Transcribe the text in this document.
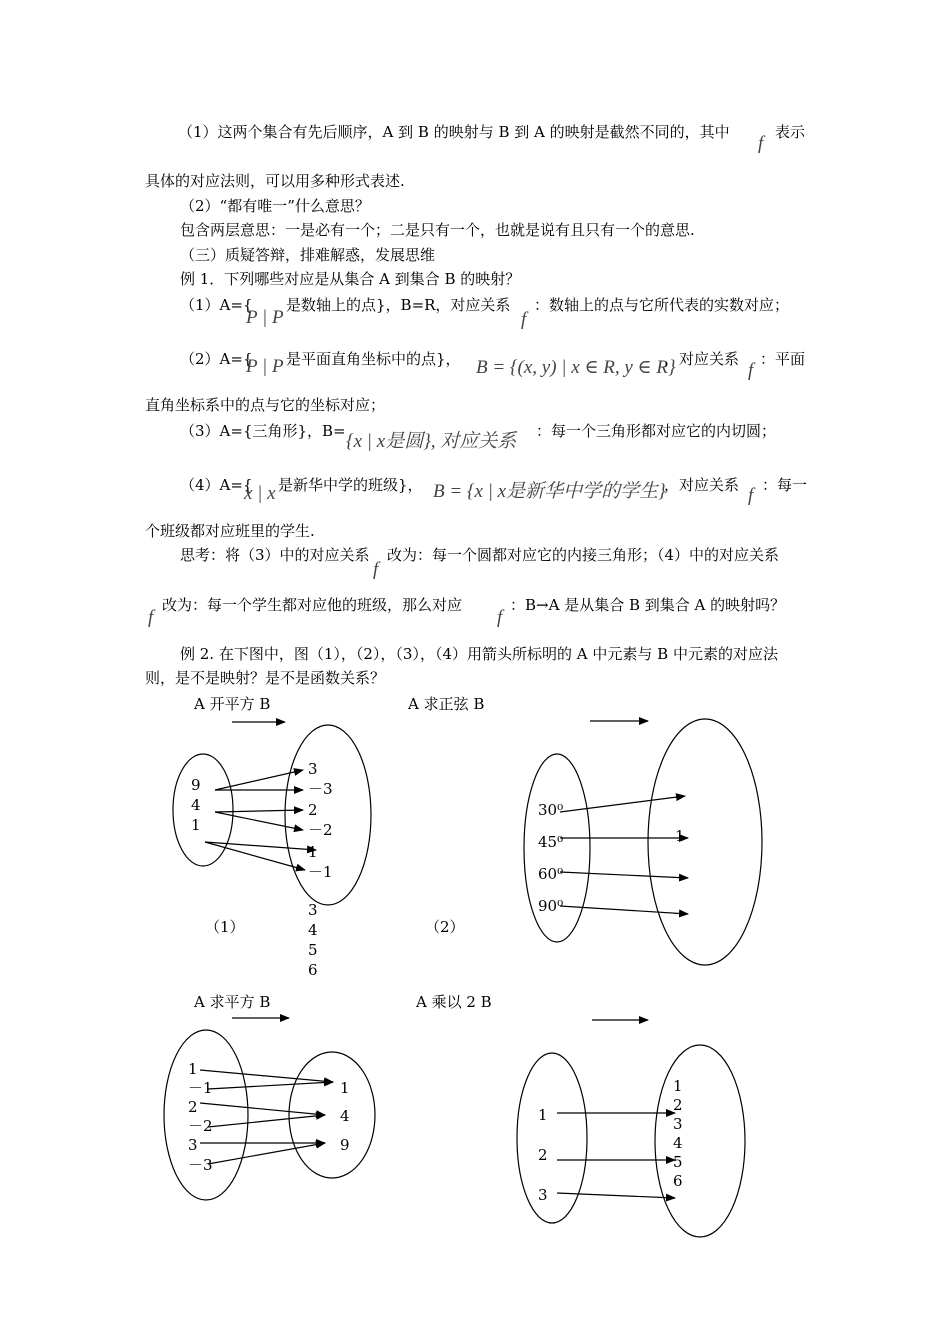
（1）这两个集合有先后顺序，A 到 B 的映射与 B 到 A 的映射是截然不同的，其中
f
表示
具体的对应法则，可以用多种形式表述.
（2）“都有唯一”什么意思？
包含两层意思：一是必有一个；二是只有一个，也就是说有且只有一个的意思.
（三）质疑答辩，排难解惑，发展思维
例 1．下列哪些对应是从集合 A 到集合 B 的映射？
（1）A={
P | P
是数轴上的点}，B=R，对应关系
f
：数轴上的点与它所代表的实数对应；
（2）A={
P | P 是平面直角坐标中的点}， B = {(x, y) | x ∈ R, y ∈ R}
，对应关系
f
：平面
直角坐标系中的点与它的坐标对应；
（3）A={三角形}，B= {x | x是圆}, 对应关系 ：每一个三角形都对应它的内切圆；
（4）A={
x | x 是新华中学的班级}， B = {x | x是新华中学的学生}
，对应关系 f ：每一
个班级都对应班里的学生.
思考：将（3）中的对应关系
f
改为：每一个圆都对应它的内接三角形；（4）中的对应关系
f
改为：每一个学生都对应他的班级，那么对应
f
：B→A 是从集合 B 到集合 A 的映射吗？
例 2. 在下图中，图（1），（2），（3），（4）用箭头所标明的 A 中元素与 B 中元素的对应法
则，是不是映射？是不是函数关系？
A 开平方 B	A 求正弦 B
（1）	（2）
A 求平方 B	A 乘以 2 B
9
4
1
3
－3
2
－2
1
－1
3
4
5
6
30⁰
45⁰
60⁰
90⁰
1
1
－1
2
－2
3
－3
1
4
9
1
2
3
1
2
3
4
5
6
